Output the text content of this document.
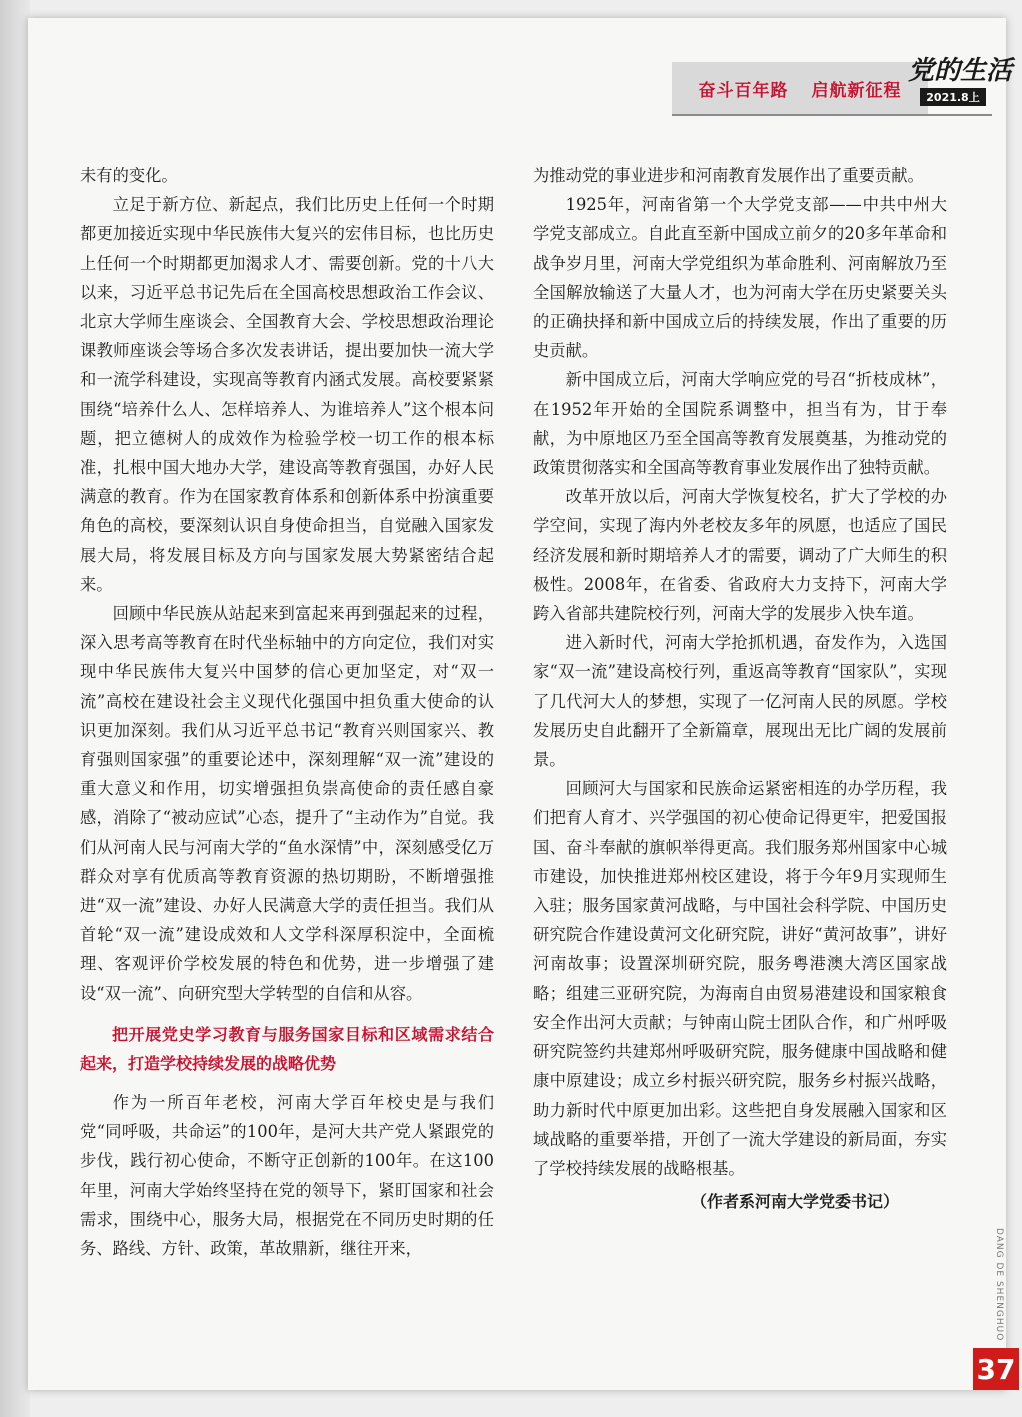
奋斗百年路 启航新征程
党的生活
2021.8上

未有的变化。

立足于新方位、新起点，我们比历史上任何一个时期都更加接近实现中华民族伟大复兴的宏伟目标，也比历史上任何一个时期都更加渴求人才、需要创新。党的十八大以来，习近平总书记先后在全国高校思想政治工作会议、北京大学师生座谈会、全国教育大会、学校思想政治理论课教师座谈会等场合多次发表讲话，提出要加快一流大学和一流学科建设，实现高等教育内涵式发展。高校要紧紧围绕“培养什么人、怎样培养人、为谁培养人”这个根本问题，把立德树人的成效作为检验学校一切工作的根本标准，扎根中国大地办大学，建设高等教育强国，办好人民满意的教育。作为在国家教育体系和创新体系中扮演重要角色的高校，要深刻认识自身使命担当，自觉融入国家发展大局，将发展目标及方向与国家发展大势紧密结合起来。

回顾中华民族从站起来到富起来再到强起来的过程，深入思考高等教育在时代坐标轴中的方向定位，我们对实现中华民族伟大复兴中国梦的信心更加坚定，对“双一流”高校在建设社会主义现代化强国中担负重大使命的认识更加深刻。我们从习近平总书记“教育兴则国家兴、教育强则国家强”的重要论述中，深刻理解“双一流”建设的重大意义和作用，切实增强担负崇高使命的责任感自豪感，消除了“被动应试”心态，提升了“主动作为”自觉。我们从河南人民与河南大学的“鱼水深情”中，深刻感受亿万群众对享有优质高等教育资源的热切期盼，不断增强推进“双一流”建设、办好人民满意大学的责任担当。我们从首轮“双一流”建设成效和人文学科深厚积淀中，全面梳理、客观评价学校发展的特色和优势，进一步增强了建设“双一流”、向研究型大学转型的自信和从容。

把开展党史学习教育与服务国家目标和区域需求结合起来，打造学校持续发展的战略优势

作为一所百年老校，河南大学百年校史是与我们党“同呼吸，共命运”的100年，是河大共产党人紧跟党的步伐，践行初心使命，不断守正创新的100年。在这100年里，河南大学始终坚持在党的领导下，紧盯国家和社会需求，围绕中心，服务大局，根据党在不同历史时期的任务、路线、方针、政策，革故鼎新，继往开来，

为推动党的事业进步和河南教育发展作出了重要贡献。

1925年，河南省第一个大学党支部——中共中州大学党支部成立。自此直至新中国成立前夕的20多年革命和战争岁月里，河南大学党组织为革命胜利、河南解放乃至全国解放输送了大量人才，也为河南大学在历史紧要关头的正确抉择和新中国成立后的持续发展，作出了重要的历史贡献。

新中国成立后，河南大学响应党的号召“折枝成林”，在1952年开始的全国院系调整中，担当有为，甘于奉献，为中原地区乃至全国高等教育发展奠基，为推动党的政策贯彻落实和全国高等教育事业发展作出了独特贡献。

改革开放以后，河南大学恢复校名，扩大了学校的办学空间，实现了海内外老校友多年的夙愿，也适应了国民经济发展和新时期培养人才的需要，调动了广大师生的积极性。2008年，在省委、省政府大力支持下，河南大学跨入省部共建院校行列，河南大学的发展步入快车道。

进入新时代，河南大学抢抓机遇，奋发作为，入选国家“双一流”建设高校行列，重返高等教育“国家队”，实现了几代河大人的梦想，实现了一亿河南人民的夙愿。学校发展历史自此翻开了全新篇章，展现出无比广阔的发展前景。

回顾河大与国家和民族命运紧密相连的办学历程，我们把育人育才、兴学强国的初心使命记得更牢，把爱国报国、奋斗奉献的旗帜举得更高。我们服务郑州国家中心城市建设，加快推进郑州校区建设，将于今年9月实现师生入驻；服务国家黄河战略，与中国社会科学院、中国历史研究院合作建设黄河文化研究院，讲好“黄河故事”，讲好河南故事；设置深圳研究院，服务粤港澳大湾区国家战略；组建三亚研究院，为海南自由贸易港建设和国家粮食安全作出河大贡献；与钟南山院士团队合作，和广州呼吸研究院签约共建郑州呼吸研究院，服务健康中国战略和健康中原建设；成立乡村振兴研究院，服务乡村振兴战略，助力新时代中原更加出彩。这些把自身发展融入国家和区域战略的重要举措，开创了一流大学建设的新局面，夯实了学校持续发展的战略根基。

（作者系河南大学党委书记）
DANG DE SHENGHUO
37
